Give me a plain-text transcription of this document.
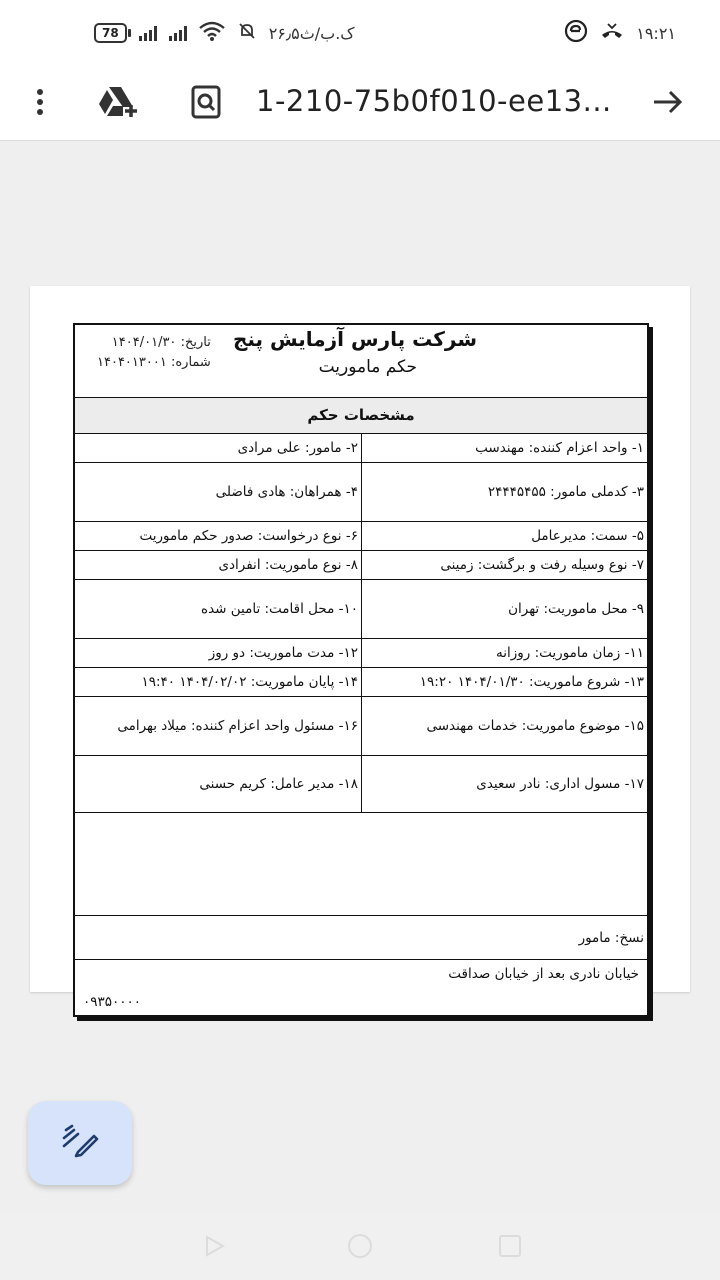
78	۲۶٫۵ک.ب/ث	۱۹:۲۱
1-210-75b0f010-ee13...
شرکت پارس آزمایش پنج
حکم ماموریت
تاریخ: ۱۴۰۴/۰۱/۳۰
شماره: ۱۴۰۴۰۱۳۰۰۱
مشخصات حکم
۱- واحد اعزام کننده: مهندسب
۲- مامور: علی مرادی
۳- کدملی مامور: ۲۴۴۴۵۴۵۵
۴- همراهان: هادی فاضلی
۵- سمت: مدیرعامل
۶- نوع درخواست: صدور حکم ماموریت
۷- نوع وسیله رفت و برگشت: زمینی
۸- نوع ماموریت: انفرادی
۹- محل ماموریت: تهران
۱۰- محل اقامت: تامین شده
۱۱- زمان ماموریت: روزانه
۱۲- مدت ماموریت: دو روز
۱۳- شروع ماموریت: ۱۴۰۴/۰۱/۳۰ ۱۹:۲۰
۱۴- پایان ماموریت: ۱۴۰۴/۰۲/۰۲ ۱۹:۴۰
۱۵- موضوع ماموریت: خدمات مهندسی
۱۶- مسئول واحد اعزام کننده: میلاد بهرامی
۱۷- مسول اداری: نادر سعیدی
۱۸- مدیر عامل: کریم حسنی
نسخ: مامور
خیابان نادری بعد از خیابان صداقت
۰۹۳۵۰۰۰۰
